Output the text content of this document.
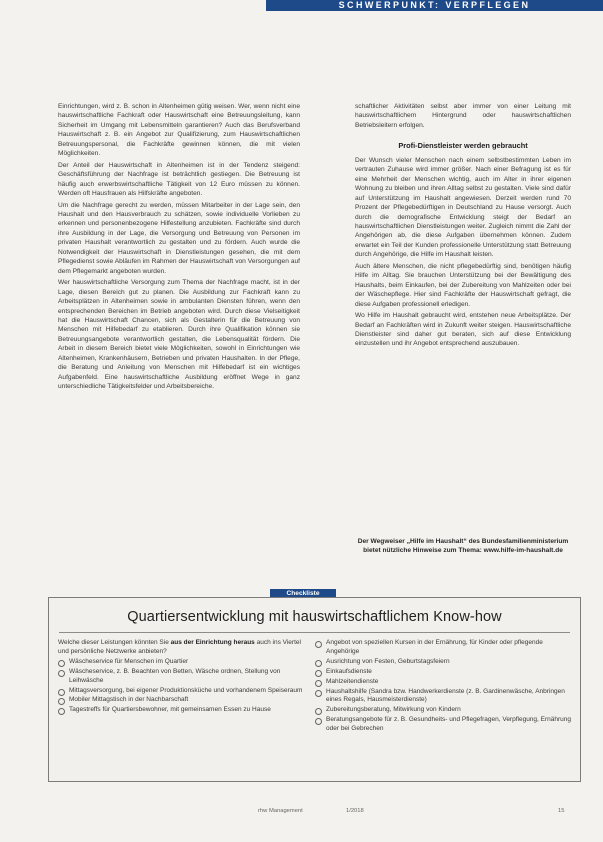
SCHWERPUNKT: VERPFLEGEN

Einrichtungen, wird z. B. schon in Altenheimen gütig weisen. Wer, wenn nicht eine hauswirtschaftliche Fachkraft oder Hauswirtschaft eine Betreuungsleitung, kann Sicherheit im Umgang mit Lebensmitteln garantieren? Auch das Berufsverband Hauswirtschaft z. B. ein Angebot zur Qualifizierung, zum Hauswirtschaftlichen Betreuungspersonal, die Fachkräfte gewinnen können, die mit vielen Möglichkeiten.

Der Anteil der Hauswirtschaft in Altenheimen ist in der Tendenz steigend: Geschäftsführung der Nachfrage ist beträchtlich gestiegen. Die Betreuung ist häufig auch erwerbswirtschaftliche Tätigkeit von 12 Euro müssen zu können. Werden oft Hausfrauen als Hilfskräfte angeboten.

Um die Nachfrage gerecht zu werden, müssen Mitarbeiter in der Lage sein, den Haushalt und den Hausverbrauch zu schätzen, sowie individuelle Vorlieben zu erkennen und personenbezogene Hilfestellung anzubieten. Fachkräfte sind durch ihre Ausbildung in der Lage, die Versorgung und Betreuung von Personen im privaten Haushalt verantwortlich zu gestalten und zu fördern. Auch wurde die Notwendigkeit der Hauswirtschaft in Dienstleistungen gesehen, die mit dem Pflegedienst sowie Abläufen im Rahmen der Hauswirtschaft von Versorgungen auf dem Pflegemarkt angeboten wurden.

Wer hauswirtschaftliche Versorgung zum Thema der Nachfrage macht, ist in der Lage, diesen Bereich gut zu planen. Die Ausbildung zur Fachkraft kann zu Arbeitsplätzen in Altenheimen sowie in ambulanten Diensten führen, wenn den entsprechenden Bereichen im Betrieb angeboten wird. Durch diese Vielseitigkeit hat die Hauswirtschaft Chancen, sich als Gestalterin für die Betreuung von Menschen mit Hilfebedarf zu etablieren. Durch ihre Qualifikation können sie Betreuungsangebote verantwortlich gestalten, die Lebensqualität fördern. Die Arbeit in diesem Bereich bietet viele Möglichkeiten, sowohl in Einrichtungen wie Altenheimen, Krankenhäusern, Betrieben und privaten Haushalten. In der Pflege, die Beratung und Anleitung von Menschen mit Hilfebedarf ist ein wichtiges Aufgabenfeld. Eine hauswirtschaftliche Ausbildung eröffnet Wege in ganz unterschiedliche Tätigkeitsfelder und Arbeitsbereiche.

schaftlicher Aktivitäten selbst aber immer von einer Leitung mit hauswirtschaftlichem Hintergrund oder hauswirtschaftlichen Betriebsleitern erfolgen.

Profi-Dienstleister werden gebraucht

Der Wunsch vieler Menschen nach einem selbstbestimmten Leben im vertrauten Zuhause wird immer größer. Nach einer Befragung ist es für eine Mehrheit der Menschen wichtig, auch im Alter in ihrer eigenen Wohnung zu bleiben und ihren Alltag selbst zu gestalten. Viele sind dafür auf Unterstützung im Haushalt angewiesen. Derzeit werden rund 70 Prozent der Pflegebedürftigen in Deutschland zu Hause versorgt. Auch durch die demografische Entwicklung steigt der Bedarf an hauswirtschaftlichen Dienstleistungen weiter. Zugleich nimmt die Zahl der Angehörigen ab, die diese Aufgaben übernehmen können. Zudem erwartet ein Teil der Kunden professionelle Unterstützung statt Betreuung durch Angehörige, die Hilfe im Haushalt leisten.

Auch ältere Menschen, die nicht pflegebedürftig sind, benötigen häufig Hilfe im Alltag. Sie brauchen Unterstützung bei der Bewältigung des Haushalts, beim Einkaufen, bei der Zubereitung von Mahlzeiten oder bei der Wäschepflege. Hier sind Fachkräfte der Hauswirtschaft gefragt, die diese Aufgaben professionell erledigen.

Wo Hilfe im Haushalt gebraucht wird, entstehen neue Arbeitsplätze. Der Bedarf an Fachkräften wird in Zukunft weiter steigen. Hauswirtschaftliche Dienstleister sind daher gut beraten, sich auf diese Entwicklung einzustellen und ihr Angebot entsprechend auszubauen.

Der Wegweiser „Hilfe im Haushalt“ des Bundesfamilienministerium bietet nützliche Hinweise zum Thema: www.hilfe-im-haushalt.de
Checkliste
Quartiersentwicklung mit hauswirtschaftlichem Know-how

Welche dieser Leistungen könnten Sie aus der Einrichtung heraus auch ins Viertel und persönliche Netzwerke anbieten?

Wäscheservice für Menschen im Quartier
Wäscheservice, z. B. Beachten von Betten, Wäsche ordnen, Stellung von Leihwäsche
Mittagsversorgung, bei eigener Produktionsküche und vorhandenem Speiseraum
Mobiler Mittagstisch in der Nachbarschaft
Tagestreffs für Quartiersbewohner, mit gemeinsamen Essen zu Hause
Angebot von speziellen Kursen in der Ernährung, für Kinder oder pflegende Angehörige
Ausrichtung von Festen, Geburtstagsfeiern
Einkaufsdienste
Mahlzeitendienste
Haushaltshilfe (Sandra bzw. Handwerkerdienste (z. B. Gardinenwäsche, Anbringen eines Regals, Hausmeisterdienste)
Zubereitungsberatung, Mitwirkung von Kindern
Beratungsangebote für z. B. Gesundheits- und Pflegefragen, Verpflegung, Ernährung oder bei Gebrechen
rhw Management	1/2018	15
